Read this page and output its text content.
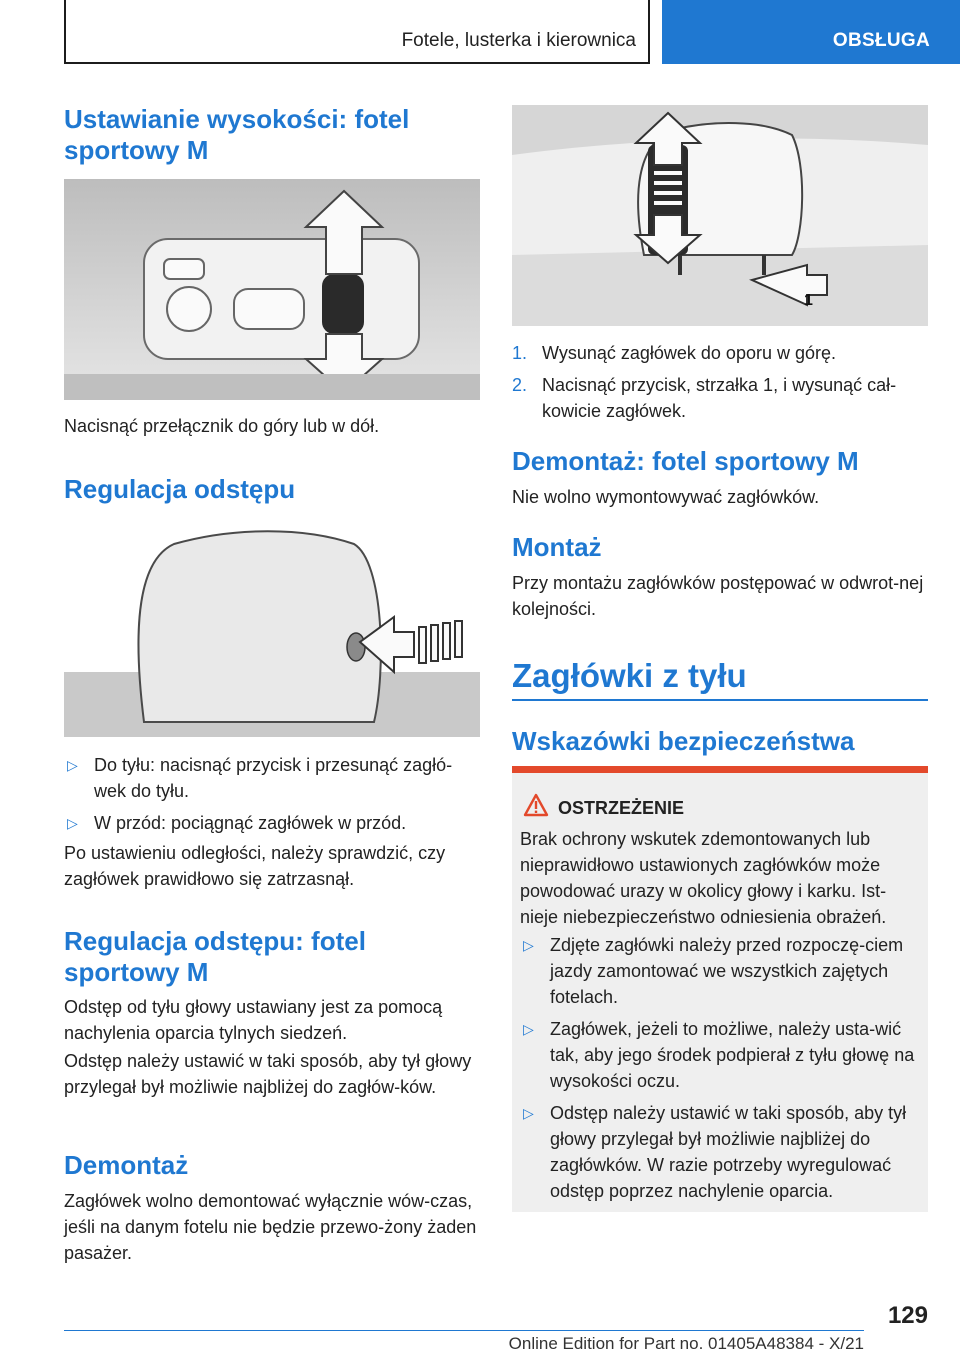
Fotele, lusterka i kierownica	OBSŁUGA
Ustawianie wysokości: fotel sportowy M

Nacisnąć przełącznik do góry lub w dół.

Regulacja odstępu
▷ Do tyłu: nacisnąć przycisk i przesunąć zagłó-wek do tyłu.
▷ W przód: pociągnąć zagłówek w przód.

Po ustawieniu odległości, należy sprawdzić, czy zagłówek prawidłowo się zatrzasnął.

Regulacja odstępu: fotel sportowy M

Odstęp od tyłu głowy ustawiany jest za pomocą nachylenia oparcia tylnych siedzeń.

Odstęp należy ustawić w taki sposób, aby tył głowy przylegał był możliwie najbliżej do zagłów-ków.

Demontaż

Zagłówek wolno demontować wyłącznie wów-czas, jeśli na danym fotelu nie będzie przewo-żony żaden pasażer.

1
1. Wysunąć zagłówek do oporu w górę.
2. Nacisnąć przycisk, strzałka 1, i wysunąć cał-kowicie zagłówek.
Demontaż: fotel sportowy M

Nie wolno wymontowywać zagłówków.

Montaż

Przy montażu zagłówków postępować w odwrot-nej kolejności.

Zagłówki z tyłu
Wskazówki bezpieczeństwa
OSTRZEŻENIE
Brak ochrony wskutek zdemontowanych lub nieprawidłowo ustawionych zagłówków może powodować urazy w okolicy głowy i karku. Ist-nieje niebezpieczeństwo odniesienia obrażeń.
▷ Zdjęte zagłówki należy przed rozpoczę-ciem jazdy zamontować we wszystkich zajętych fotelach.
▷ Zagłówek, jeżeli to możliwe, należy usta-wić tak, aby jego środek podpierał z tyłu głowę na wysokości oczu.
▷ Odstęp należy ustawić w taki sposób, aby tył głowy przylegał był możliwie najbliżej do zagłówków. W razie potrzeby wyregulować odstęp poprzez nachylenie oparcia.
129
Online Edition for Part no. 01405A48384 - X/21
